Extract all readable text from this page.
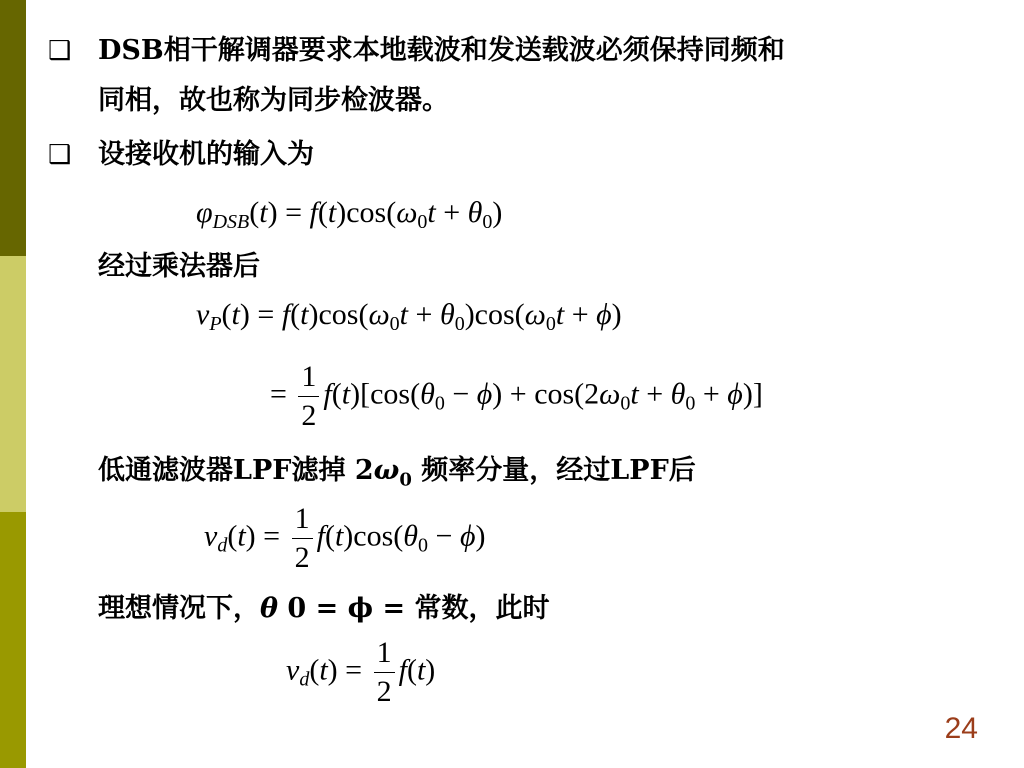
❑ DSB相干解调器要求本地载波和发送载波必须保持同频和
同相，故也称为同步检波器。
❑ 设接收机的输入为
$\varphi_{DSB}(t) = f(t)\cos(\omega_0t + \theta_0)$
经过乘法器后
$v_P(t) = f(t)\cos(\omega_0t + \theta_0)\cos(\omega_0t + \phi)$
= $\frac{1}{2} f(t)[\cos(\theta_0 - \phi) + \cos(2\omega_0t + \theta_0 + \phi)]$
低通滤波器LPF滤掉 $2\omega_0$ 频率分量，经过LPF后
$v_d(t) = \frac{1}{2} f(t)\cos(\theta_0 - \phi)$
理想情况下，θ 0 = ϕ = 常数，此时
$v_d(t) = \frac{1}{2} f(t)$
24
